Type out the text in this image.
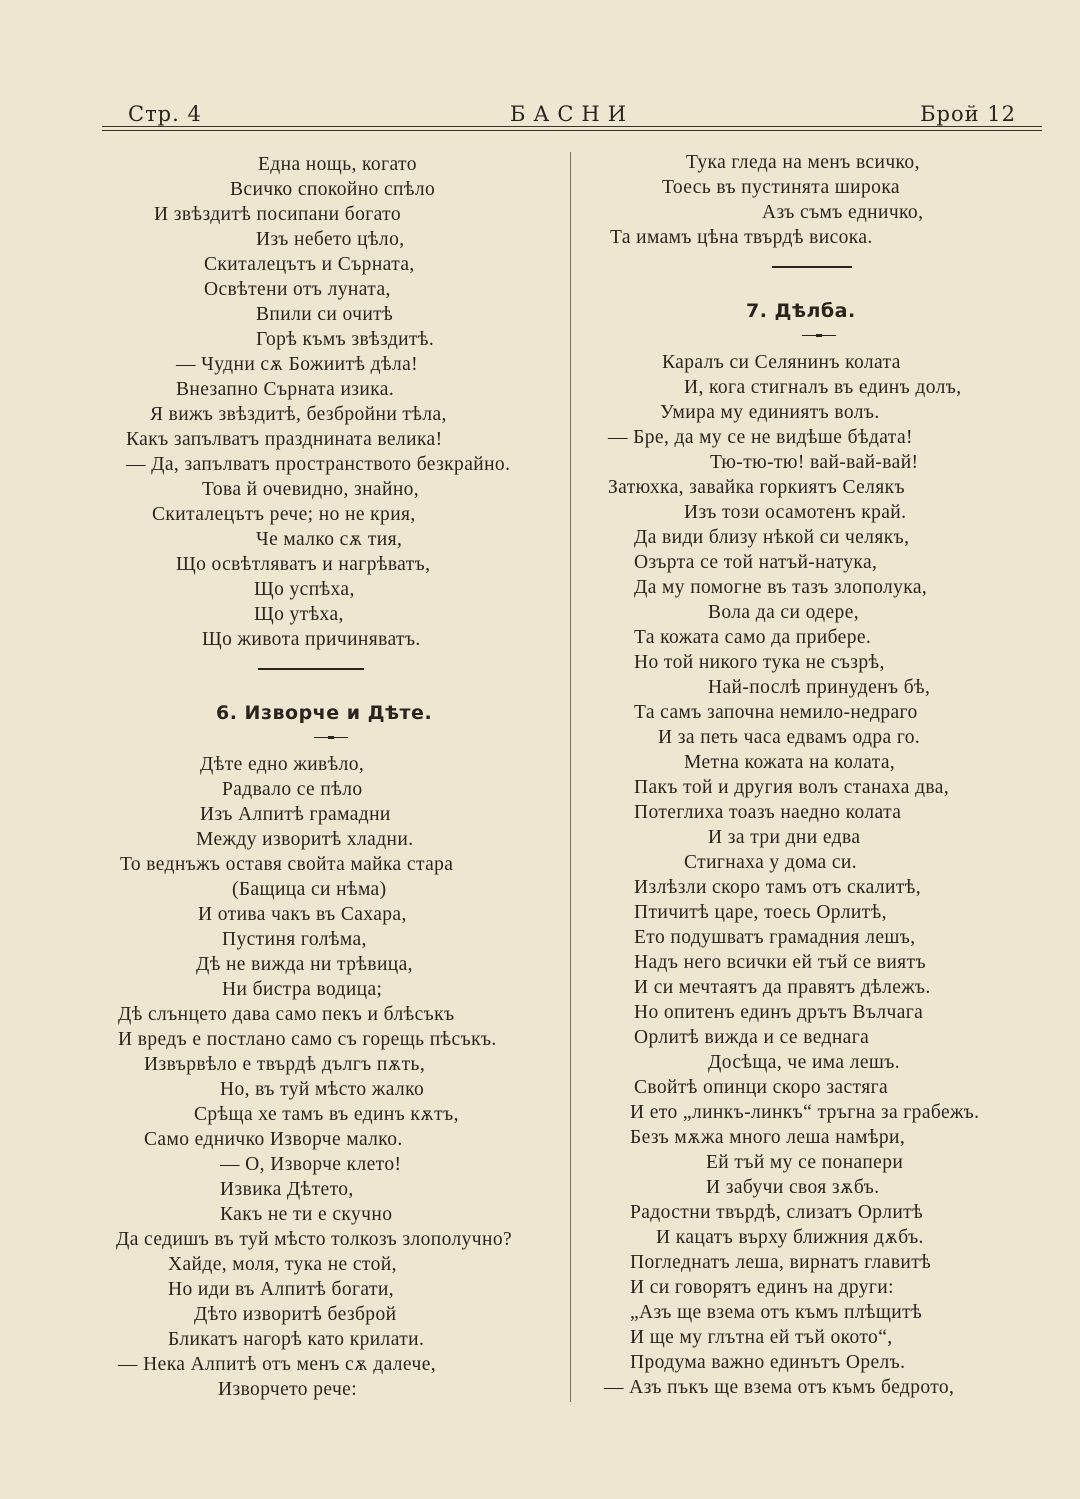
Стр. 4	БАСНИ	Брой 12
Една нощь, когато
Всичко спокойно спѣло
И звѣздитѣ посипани богато
Изъ небето цѣло,
Скиталецътъ и Сърната,
Освѣтени отъ луната,
Впили си очитѣ
Горѣ къмъ звѣздитѣ.
— Чудни сѫ Божиитѣ дѣла!
Внезапно Сърната изика.
Я вижъ звѣздитѣ, безбройни тѣла,
Какъ запълватъ празднината велика!
— Да, запълватъ пространството безкрайно.
Това й очевидно, знайно,
Скиталецътъ рече; но не крия,
Че малко сѫ тия,
Що освѣтляватъ и нагрѣватъ,
Що успѣха,
Що утѣха,
Що живота причиняватъ.
6. Изворче и Дѣте.
Дѣте едно живѣло,
Радвало се пѣло
Изъ Алпитѣ грамадни
Между изворитѣ хладни.
То веднъжъ оставя свойта майка стара
(Бащица си нѣма)
И отива чакъ въ Сахара,
Пустиня голѣма,
Дѣ не вижда ни трѣвица,
Ни бистра водица;
Дѣ слънцето дава само пекъ и блѣсъкъ
И вредъ е постлано само съ горещь пѣсъкъ.
Извървѣло е твърдѣ дългъ пѫть,
Но, въ туй мѣсто жалко
Срѣща хе тамъ въ единъ кѫтъ,
Само едничко Изворче малко.
— О, Изворче клето!
Извика Дѣтето,
Какъ не ти е скучно
Да седишъ въ туй мѣсто толкозъ злополучно?
Хайде, моля, тука не стой,
Но иди въ Алпитѣ богати,
Дѣто изворитѣ безброй
Бликатъ нагорѣ като крилати.
— Нека Алпитѣ отъ менъ сѫ далече,
Изворчето рече:
Тука гледа на менъ всичко,
Тоесь въ пустинята широка
Азъ съмъ едничко,
Та имамъ цѣна твърдѣ висока.
7. Дѣлба.
Каралъ си Селянинъ колата
И, кога стигналъ въ единъ долъ,
Умира му единиятъ волъ.
— Бре, да му се не видѣше бѣдата!
Тю-тю-тю! вай-вай-вай!
Затюхка, завайка горкиятъ Селякъ
Изъ този осамотенъ край.
Да види близу нѣкой си челякъ,
Озърта се той натъй-натука,
Да му помогне въ тазъ злополука,
Вола да си одере,
Та кожата само да прибере.
Но той никого тука не съзрѣ,
Най-послѣ принуденъ бѣ,
Та самъ започна немило-недраго
И за петь часа едвамъ одра го.
Метна кожата на колата,
Пакъ той и другия волъ станаха два,
Потеглиха тоазъ наедно колата
И за три дни едва
Стигнаха у дома си.
Излѣзли скоро тамъ отъ скалитѣ,
Птичитѣ царе, тоесь Орлитѣ,
Ето подушватъ грамадния лешъ,
Надъ него всички ей тъй се виятъ
И си мечтаятъ да правятъ дѣлежъ.
Но опитенъ единъ дрътъ Вълчага
Орлитѣ вижда и се веднага
Досѣща, че има лешъ.
Свойтѣ опинци скоро застяга
И ето „линкъ-линкъ“ тръгна за грабежъ.
Безъ мѫжа много леша намѣри,
Ей тъй му се понапери
И забучи своя зѫбъ.
Радостни твърдѣ, слизатъ Орлитѣ
И кацатъ върху ближния дѫбъ.
Погледнатъ леша, вирнатъ главитѣ
И си говорятъ единъ на други:
„Азъ ще взема отъ къмъ плѣщитѣ
И ще му глътна ей тъй окото“,
Продума важно единътъ Орелъ.
— Азъ пъкъ ще взема отъ къмъ бедрото,
